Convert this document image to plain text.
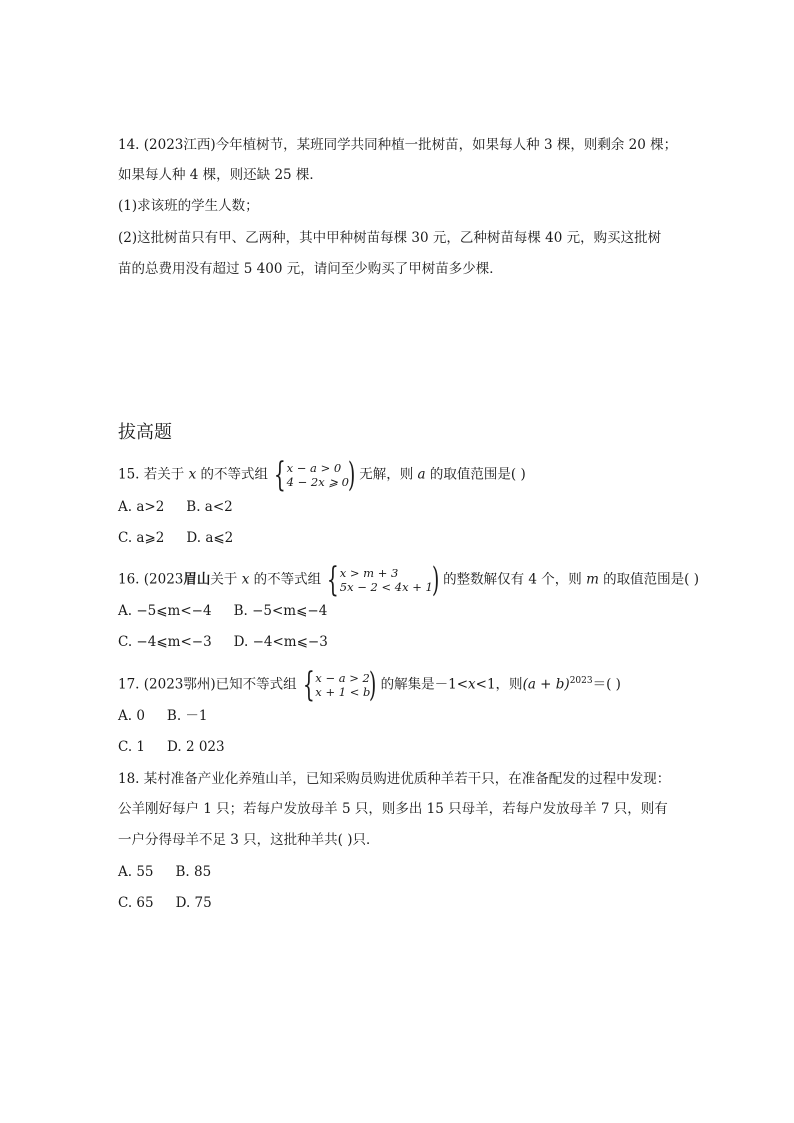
14. (2023江西)今年植树节，某班同学共同种植一批树苗，如果每人种 3 棵，则剩余 20 棵；
如果每人种 4 棵，则还缺 25 棵．
(1)求该班的学生人数；
(2)这批树苗只有甲、乙两种，其中甲种树苗每棵 30 元，乙种树苗每棵 40 元，购买这批树
苗的总费用没有超过 5 400 元，请问至少购买了甲树苗多少棵．
拔高题
15. 若关于 x 的不等式组 { x − a > 0
4 − 2x ⩾ 0
) 无解，则 a 的取值范围是( )
A. a>2 B. a<2
C. a⩾2 D. a⩽2
16. (2023眉山关于 x 的不等式组 { x > m + 3
5x − 2 < 4x + 1
) 的整数解仅有 4 个，则 m 的取值范围是( )
A. −5⩽m<−4 B. −5<m⩽−4
C. −4⩽m<−3 D. −4<m⩽−3
17. (2023鄂州)已知不等式组 { x − a > 2
x + 1 < b
) 的解集是－1<x<1，则$(a + b)^{2023}=$( )
A. 0 B. －1
C. 1 D. 2 023
18. 某村准备产业化养殖山羊，已知采购员购进优质种羊若干只，在准备配发的过程中发现：
公羊刚好每户 1 只；若每户发放母羊 5 只，则多出 15 只母羊，若每户发放母羊 7 只，则有
一户分得母羊不足 3 只，这批种羊共( )只．
A. 55 B. 85
C. 65 D. 75
